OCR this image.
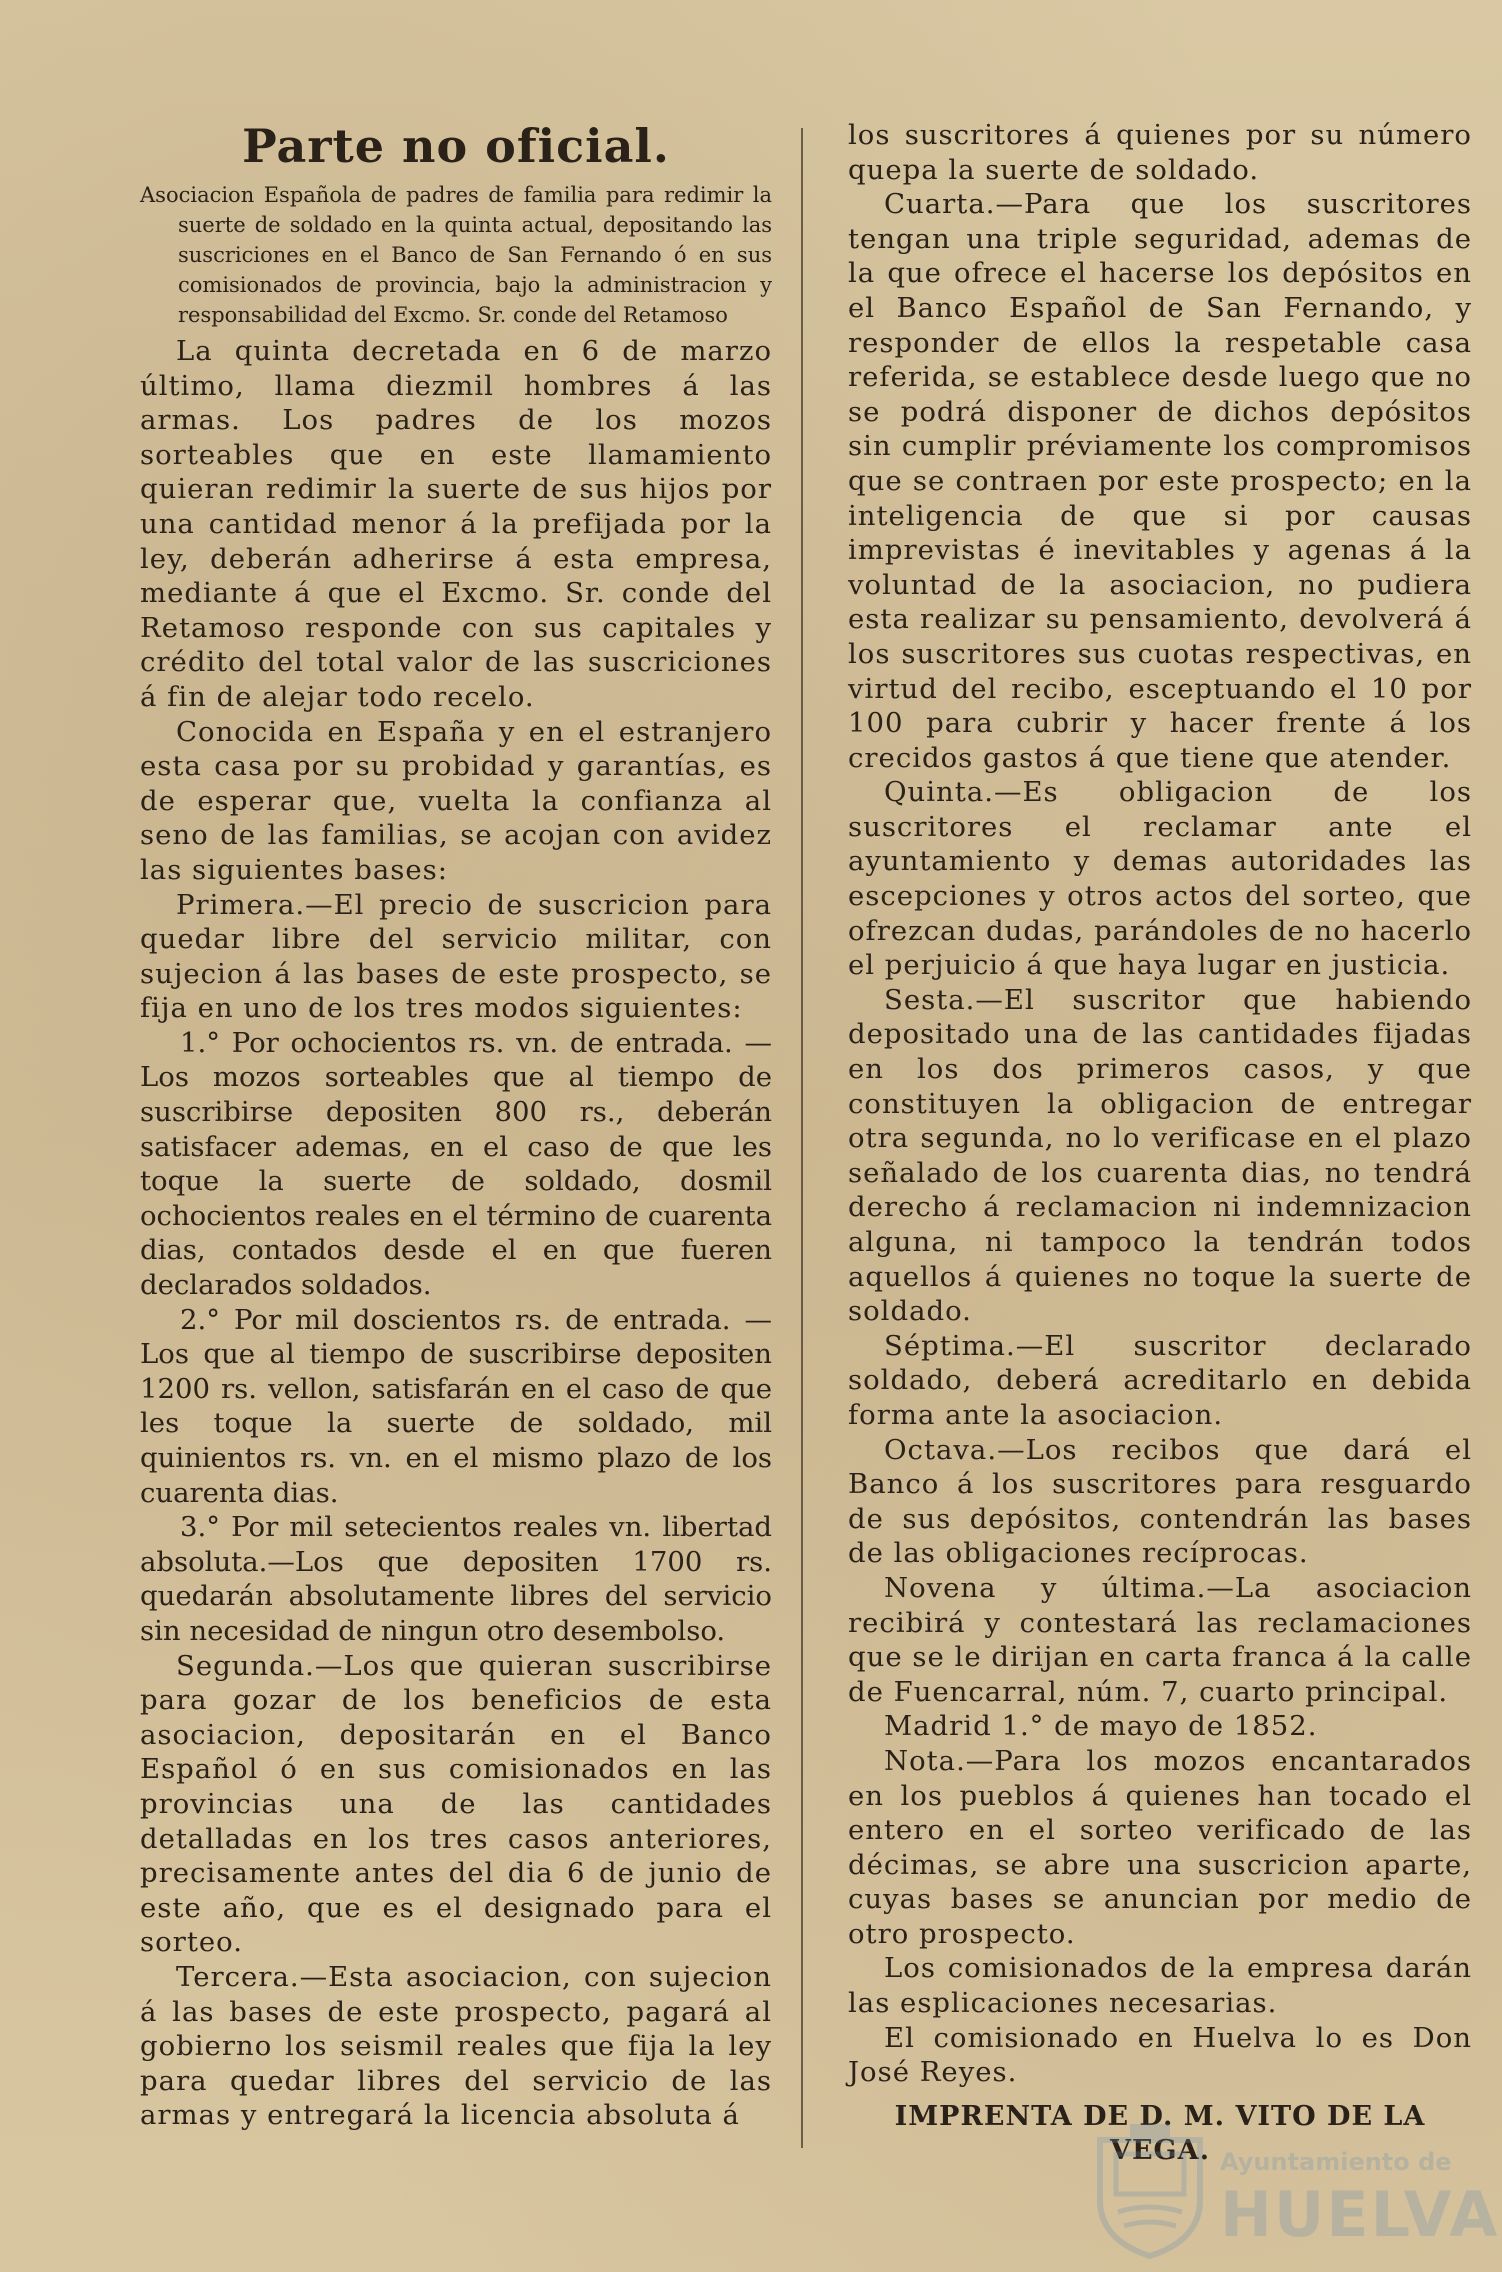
Parte no oficial.

Asociacion Española de padres de familia para redimir la suerte de soldado en la quinta actual, depositando las suscriciones en el Banco de San Fernando ó en sus comisionados de provincia, bajo la administracion y responsabilidad del Excmo. Sr. conde del Retamoso

La quinta decretada en 6 de marzo último, llama diezmil hombres á las armas. Los padres de los mozos sorteables que en este llamamiento quieran redimir la suerte de sus hijos por una cantidad menor á la prefijada por la ley, deberán adherirse á esta empresa, mediante á que el Excmo. Sr. conde del Retamoso responde con sus capitales y crédito del total valor de las suscriciones á fin de alejar todo recelo.

Conocida en España y en el estranjero esta casa por su probidad y garantías, es de esperar que, vuelta la confianza al seno de las familias, se acojan con avidez las siguientes bases:

Primera.—El precio de suscricion para quedar libre del servicio militar, con sujecion á las bases de este prospecto, se fija en uno de los tres modos siguientes:

1.° Por ochocientos rs. vn. de entrada. —Los mozos sorteables que al tiempo de suscribirse depositen 800 rs., deberán satisfacer ademas, en el caso de que les toque la suerte de soldado, dosmil ochocientos reales en el término de cuarenta dias, contados desde el en que fueren declarados soldados.

2.° Por mil doscientos rs. de entrada. —Los que al tiempo de suscribirse depositen 1200 rs. vellon, satisfarán en el caso de que les toque la suerte de soldado, mil quinientos rs. vn. en el mismo plazo de los cuarenta dias.

3.° Por mil setecientos reales vn. libertad absoluta.—Los que depositen 1700 rs. quedarán absolutamente libres del servicio sin necesidad de ningun otro desembolso.

Segunda.—Los que quieran suscribirse para gozar de los beneficios de esta asociacion, depositarán en el Banco Español ó en sus comisionados en las provincias una de las cantidades detalladas en los tres casos anteriores, precisamente antes del dia 6 de junio de este año, que es el designado para el sorteo.

Tercera.—Esta asociacion, con sujecion á las bases de este prospecto, pagará al gobierno los seismil reales que fija la ley para quedar libres del servicio de las armas y entregará la licencia absoluta á

los suscritores á quienes por su número quepa la suerte de soldado.

Cuarta.—Para que los suscritores tengan una triple seguridad, ademas de la que ofrece el hacerse los depósitos en el Banco Español de San Fernando, y responder de ellos la respetable casa referida, se establece desde luego que no se podrá disponer de dichos depósitos sin cumplir préviamente los compromisos que se contraen por este prospecto; en la inteligencia de que si por causas imprevistas é inevitables y agenas á la voluntad de la asociacion, no pudiera esta realizar su pensamiento, devolverá á los suscritores sus cuotas respectivas, en virtud del recibo, esceptuando el 10 por 100 para cubrir y hacer frente á los crecidos gastos á que tiene que atender.

Quinta.—Es obligacion de los suscritores el reclamar ante el ayuntamiento y demas autoridades las escepciones y otros actos del sorteo, que ofrezcan dudas, parándoles de no hacerlo el perjuicio á que haya lugar en justicia.

Sesta.—El suscritor que habiendo depositado una de las cantidades fijadas en los dos primeros casos, y que constituyen la obligacion de entregar otra segunda, no lo verificase en el plazo señalado de los cuarenta dias, no tendrá derecho á reclamacion ni indemnizacion alguna, ni tampoco la tendrán todos aquellos á quienes no toque la suerte de soldado.

Séptima.—El suscritor declarado soldado, deberá acreditarlo en debida forma ante la asociacion.

Octava.—Los recibos que dará el Banco á los suscritores para resguardo de sus depósitos, contendrán las bases de las obligaciones recíprocas.

Novena y última.—La asociacion recibirá y contestará las reclamaciones que se le dirijan en carta franca á la calle de Fuencarral, núm. 7, cuarto principal.

Madrid 1.° de mayo de 1852.

Nota.—Para los mozos encantarados en los pueblos á quienes han tocado el entero en el sorteo verificado de las décimas, se abre una suscricion aparte, cuyas bases se anuncian por medio de otro prospecto.

Los comisionados de la empresa darán las esplicaciones necesarias.

El comisionado en Huelva lo es Don José Reyes.

IMPRENTA DE D. M. VITO DE LA VEGA. Ayuntamiento de
HUELVA
